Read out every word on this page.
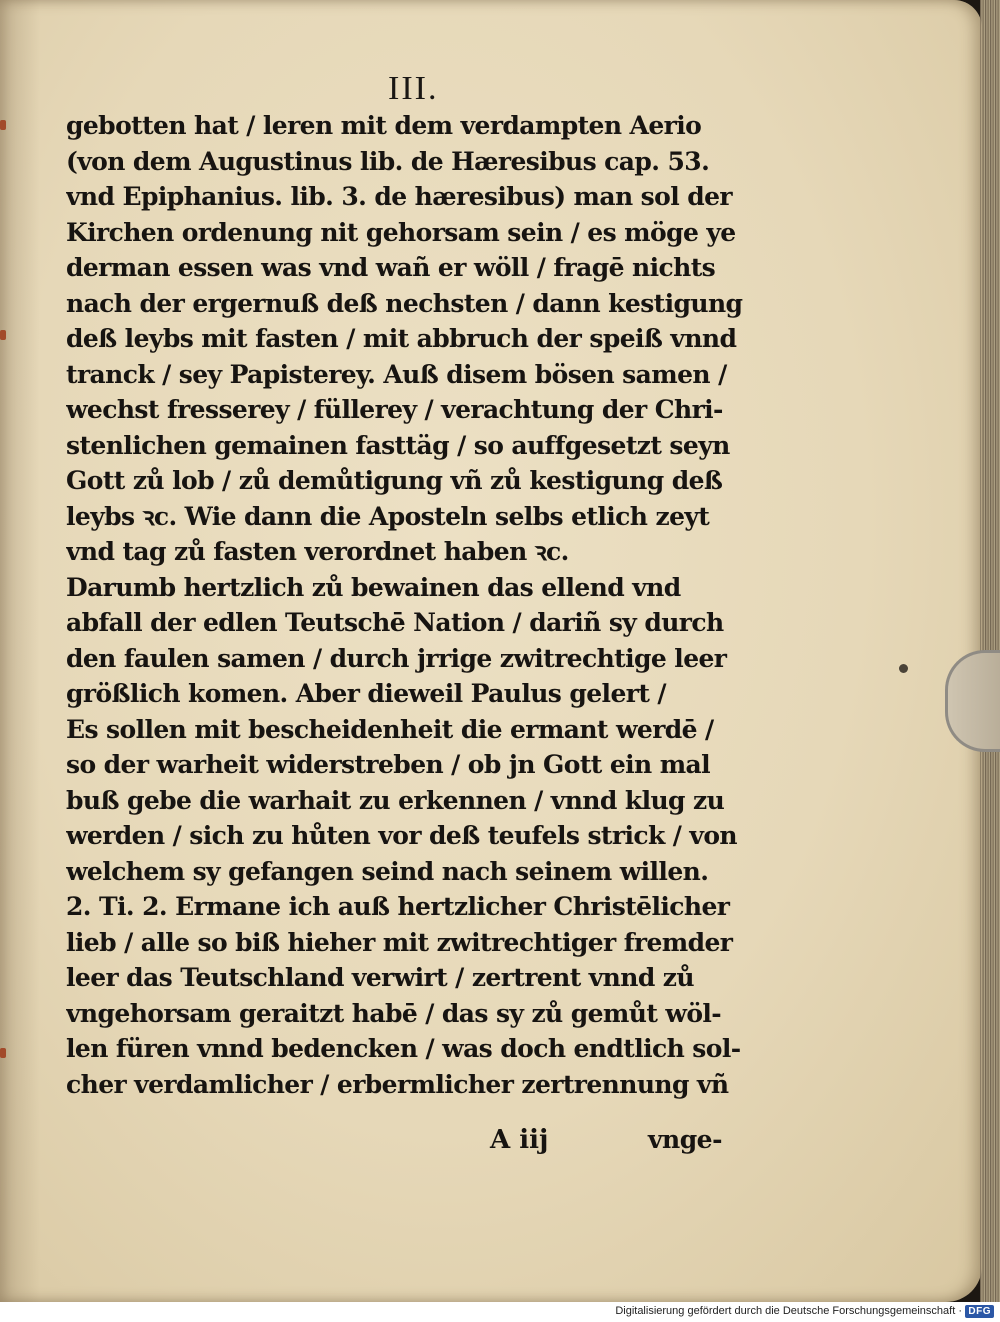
III.
gebotten hat / leren mit dem verdampten Aerio
(von dem Augustinus lib. de Hæresibus cap. 53.
vnd Epiphanius. lib. 3. de hæresibus) man sol der
Kirchen ordenung nit gehorsam sein / es möge ye
derman essen was vnd wañ er wöll / fragē nichts
nach der ergernuß deß nechsten / dann kestigung
deß leybs mit fasten / mit abbruch der speiß vnnd
tranck / sey Papisterey. Auß disem bösen samen /
wechst fresserey / füllerey / verachtung der Chri-
stenlichen gemainen fasttäg / so auffgesetzt seyn
Gott zů lob / zů demůtigung vñ zů kestigung deß
leybs ꝛc. Wie dann die Aposteln selbs etlich zeyt
vnd tag zů fasten verordnet haben ꝛc.
Darumb hertzlich zů bewainen das ellend vnd
abfall der edlen Teutschē Nation / dariñ sy durch
den faulen samen / durch jrrige zwitrechtige leer
größlich komen. Aber dieweil Paulus gelert /
Es sollen mit bescheidenheit die ermant werdē /
so der warheit widerstreben / ob jn Gott ein mal
buß gebe die warhait zu erkennen / vnnd klug zu
werden / sich zu hůten vor deß teufels strick / von
welchem sy gefangen seind nach seinem willen.
2. Ti. 2. Ermane ich auß hertzlicher Christēlicher
lieb / alle so biß hieher mit zwitrechtiger fremder
leer das Teutschland verwirt / zertrent vnnd zů
vngehorsam geraitzt habē / das sy zů gemůt wöl-
len füren vnnd bedencken / was doch endtlich sol-
cher verdamlicher / erbermlicher zertrennung vñ
A iij	vnge-
Digitalisierung gefördert durch die Deutsche Forschungsgemeinschaft · DFG
